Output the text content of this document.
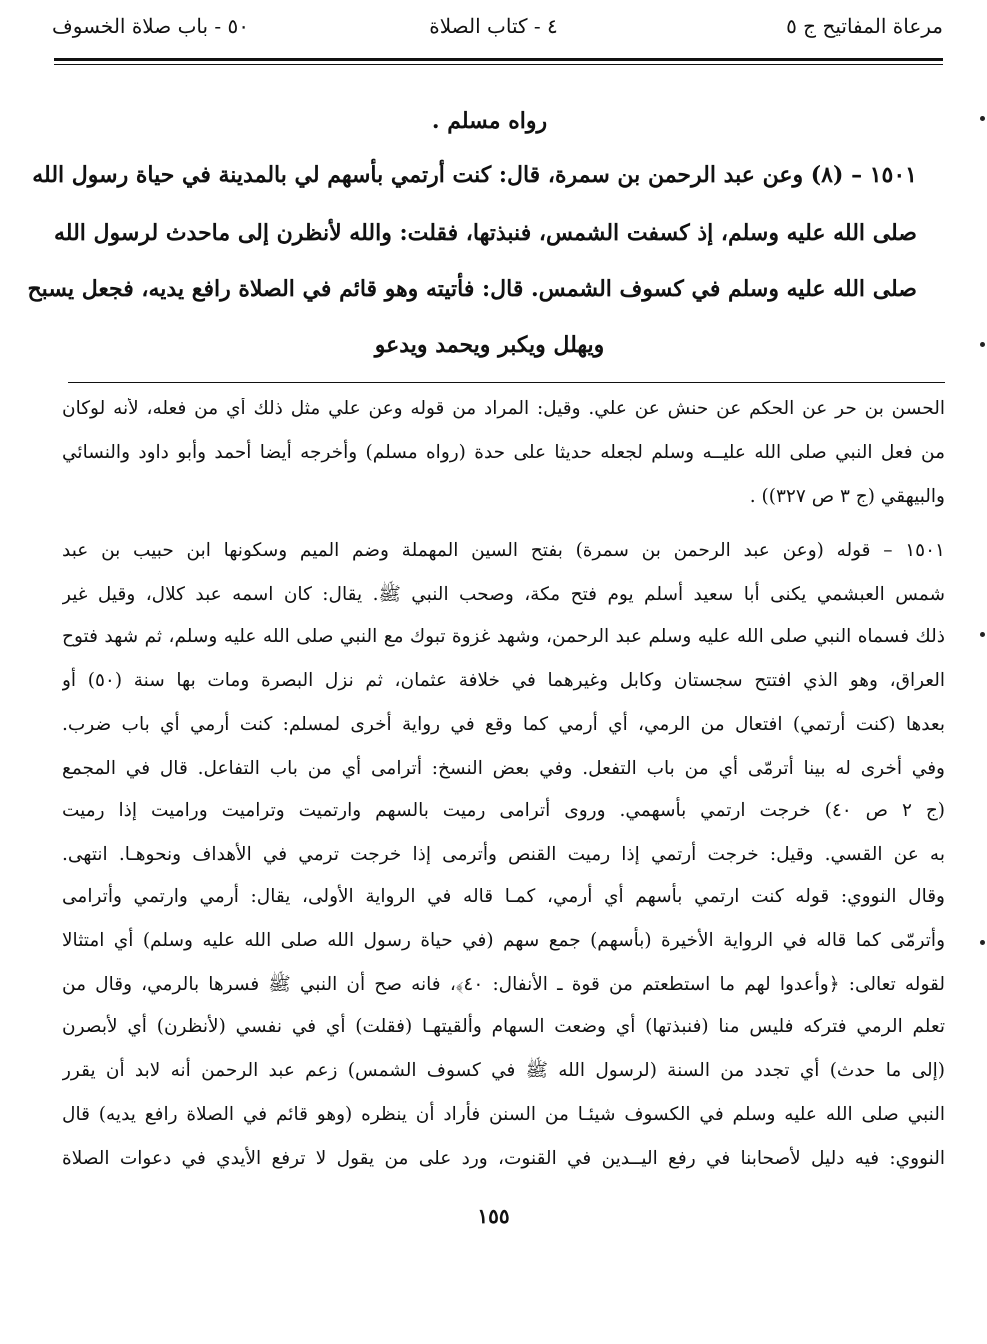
مرعاة المفاتيح ج ٥
٤ - كتاب الصلاة
٥٠ - باب صلاة الخسوف
رواه مسلم .
١٥٠١ – (٨) وعن عبد الرحمن بن سمرة، قال: كنت أرتمي بأسهم لي بالمدينة في حياة رسول الله
صلى الله عليه وسلم، إذ كسفت الشمس، فنبذتها، فقلت: والله لأنظرن إلى ماحدث لرسول الله
صلى الله عليه وسلم في كسوف الشمس. قال: فأتيته وهو قائم في الصلاة رافع يديه، فجعل يسبح
ويهلل ويكبر ويحمد ويدعو
الحسن بن حر عن الحكم عن حنش عن علي. وقيل: المراد من قوله وعن علي مثل ذلك أي من فعله، لأنه لوكان
من فعل النبي صلى الله عليــه وسلم لجعله حديثا على حدة (رواه مسلم) وأخرجه أيضا أحمد وأبو داود والنسائي
والبيهقي (ج ٣ ص ٣٢٧)) .
١٥٠١ – قوله (وعن عبد الرحمن بن سمرة) بفتح السين المهملة وضم الميم وسكونها ابن حبيب بن عبد
شمس العبشمي يكنى أبا سعيد أسلم يوم فتح مكة، وصحب النبي ﷺ. يقال: كان اسمه عبد كلال، وقيل غير
ذلك فسماه النبي صلى الله عليه وسلم عبد الرحمن، وشهد غزوة تبوك مع النبي صلى الله عليه وسلم، ثم شهد فتوح
العراق، وهو الذي افتتح سجستان وكابل وغيرهما في خلافة عثمان، ثم نزل البصرة ومات بها سنة (٥٠) أو
بعدها (كنت أرتمي) افتعال من الرمي، أي أرمي كما وقع في رواية أخرى لمسلم: كنت أرمي أي باب ضرب.
وفي أخرى له بينا أترمّى أي من باب التفعل. وفي بعض النسخ: أترامى أي من باب التفاعل. قال في المجمع
(ج ٢ ص ٤٠) خرجت ارتمي بأسهمي. وروى أترامى رميت بالسهم وارتميت وترامیت وراميت إذا رميت
به عن القسي. وقيل: خرجت أرتمي إذا رميت القنص وأترمى إذا خرجت ترمي في الأهداف ونحوهـا. انتهى.
وقال النووي: قوله كنت ارتمي بأسهم أي أرمي، كمـا قاله في الرواية الأولى، يقال: أرمي وارتمي وأترامى
وأترمّى كما قاله في الرواية الأخيرة (بأسهم) جمع سهم (في حياة رسول الله صلى الله عليه وسلم) أي امتثالا
لقوله تعالى: ﴿وأعدوا لهم ما استطعتم من قوة ـ الأنفال: ٤٠﴾، فانه صح أن النبي ﷺ فسرها بالرمي، وقال من
تعلم الرمي فتركه فليس منا (فنبذتها) أي وضعت السهام وألقيتهـا (فقلت) أي في نفسي (لأنظرن) أي لأبصرن
(إلى ما حدث) أي تجدد من السنة (لرسول الله ﷺ في كسوف الشمس) زعم عبد الرحمن أنه لابد أن يقرر
النبي صلى الله عليه وسلم في الكسوف شيئـا من السنن فأراد أن ينظره (وهو قائم في الصلاة رافع يديه) قال
النووي: فيه دليل لأصحابنا في رفع اليــدين في القنوت، ورد على من يقول لا ترفع الأيدي في دعوات الصلاة
١٥٥
